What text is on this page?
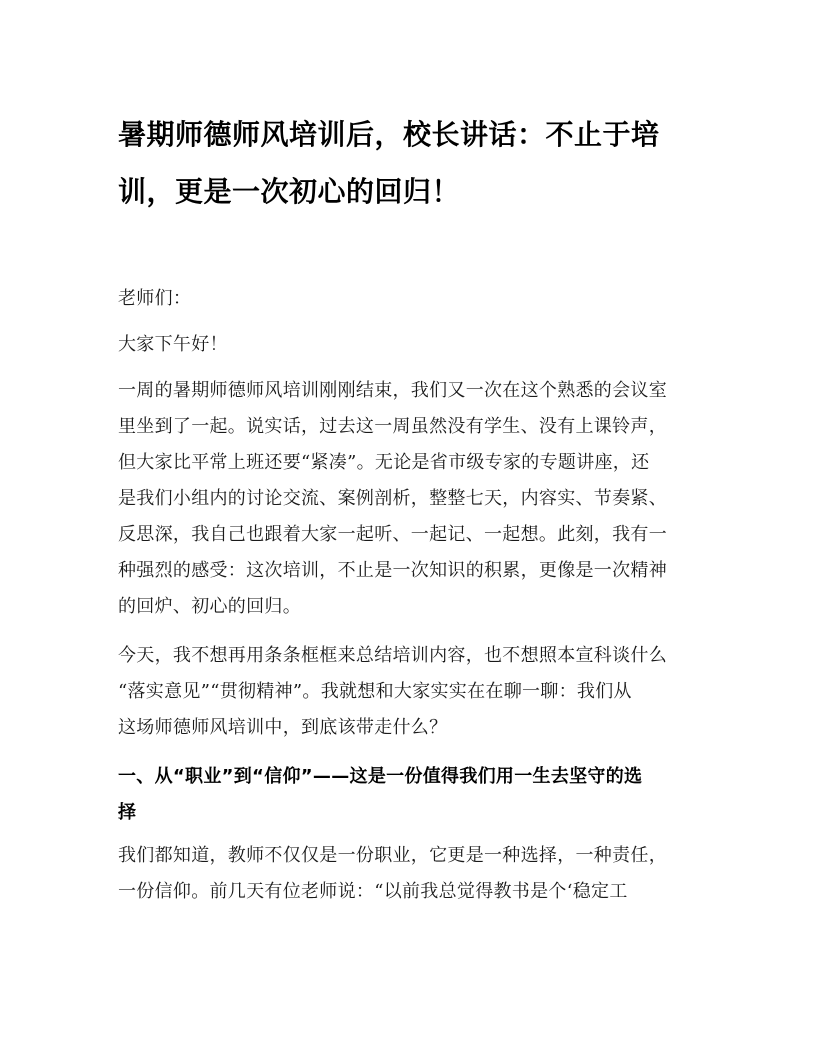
暑期师德师风培训后，校长讲话：不止于培
训，更是一次初心的回归！

老师们：

大家下午好！

一周的暑期师德师风培训刚刚结束，我们又一次在这个熟悉的会议室
里坐到了一起。说实话，过去这一周虽然没有学生、没有上课铃声，
但大家比平常上班还要“紧凑”。无论是省市级专家的专题讲座，还
是我们小组内的讨论交流、案例剖析，整整七天，内容实、节奏紧、
反思深，我自己也跟着大家一起听、一起记、一起想。此刻，我有一
种强烈的感受：这次培训，不止是一次知识的积累，更像是一次精神
的回炉、初心的回归。

今天，我不想再用条条框框来总结培训内容，也不想照本宣科谈什么
“落实意见”“贯彻精神”。我就想和大家实实在在聊一聊：我们从
这场师德师风培训中，到底该带走什么？

一、从“职业”到“信仰”——这是一份值得我们用一生去坚守的选
择

我们都知道，教师不仅仅是一份职业，它更是一种选择，一种责任，
一份信仰。前几天有位老师说：“以前我总觉得教书是个‘稳定工
